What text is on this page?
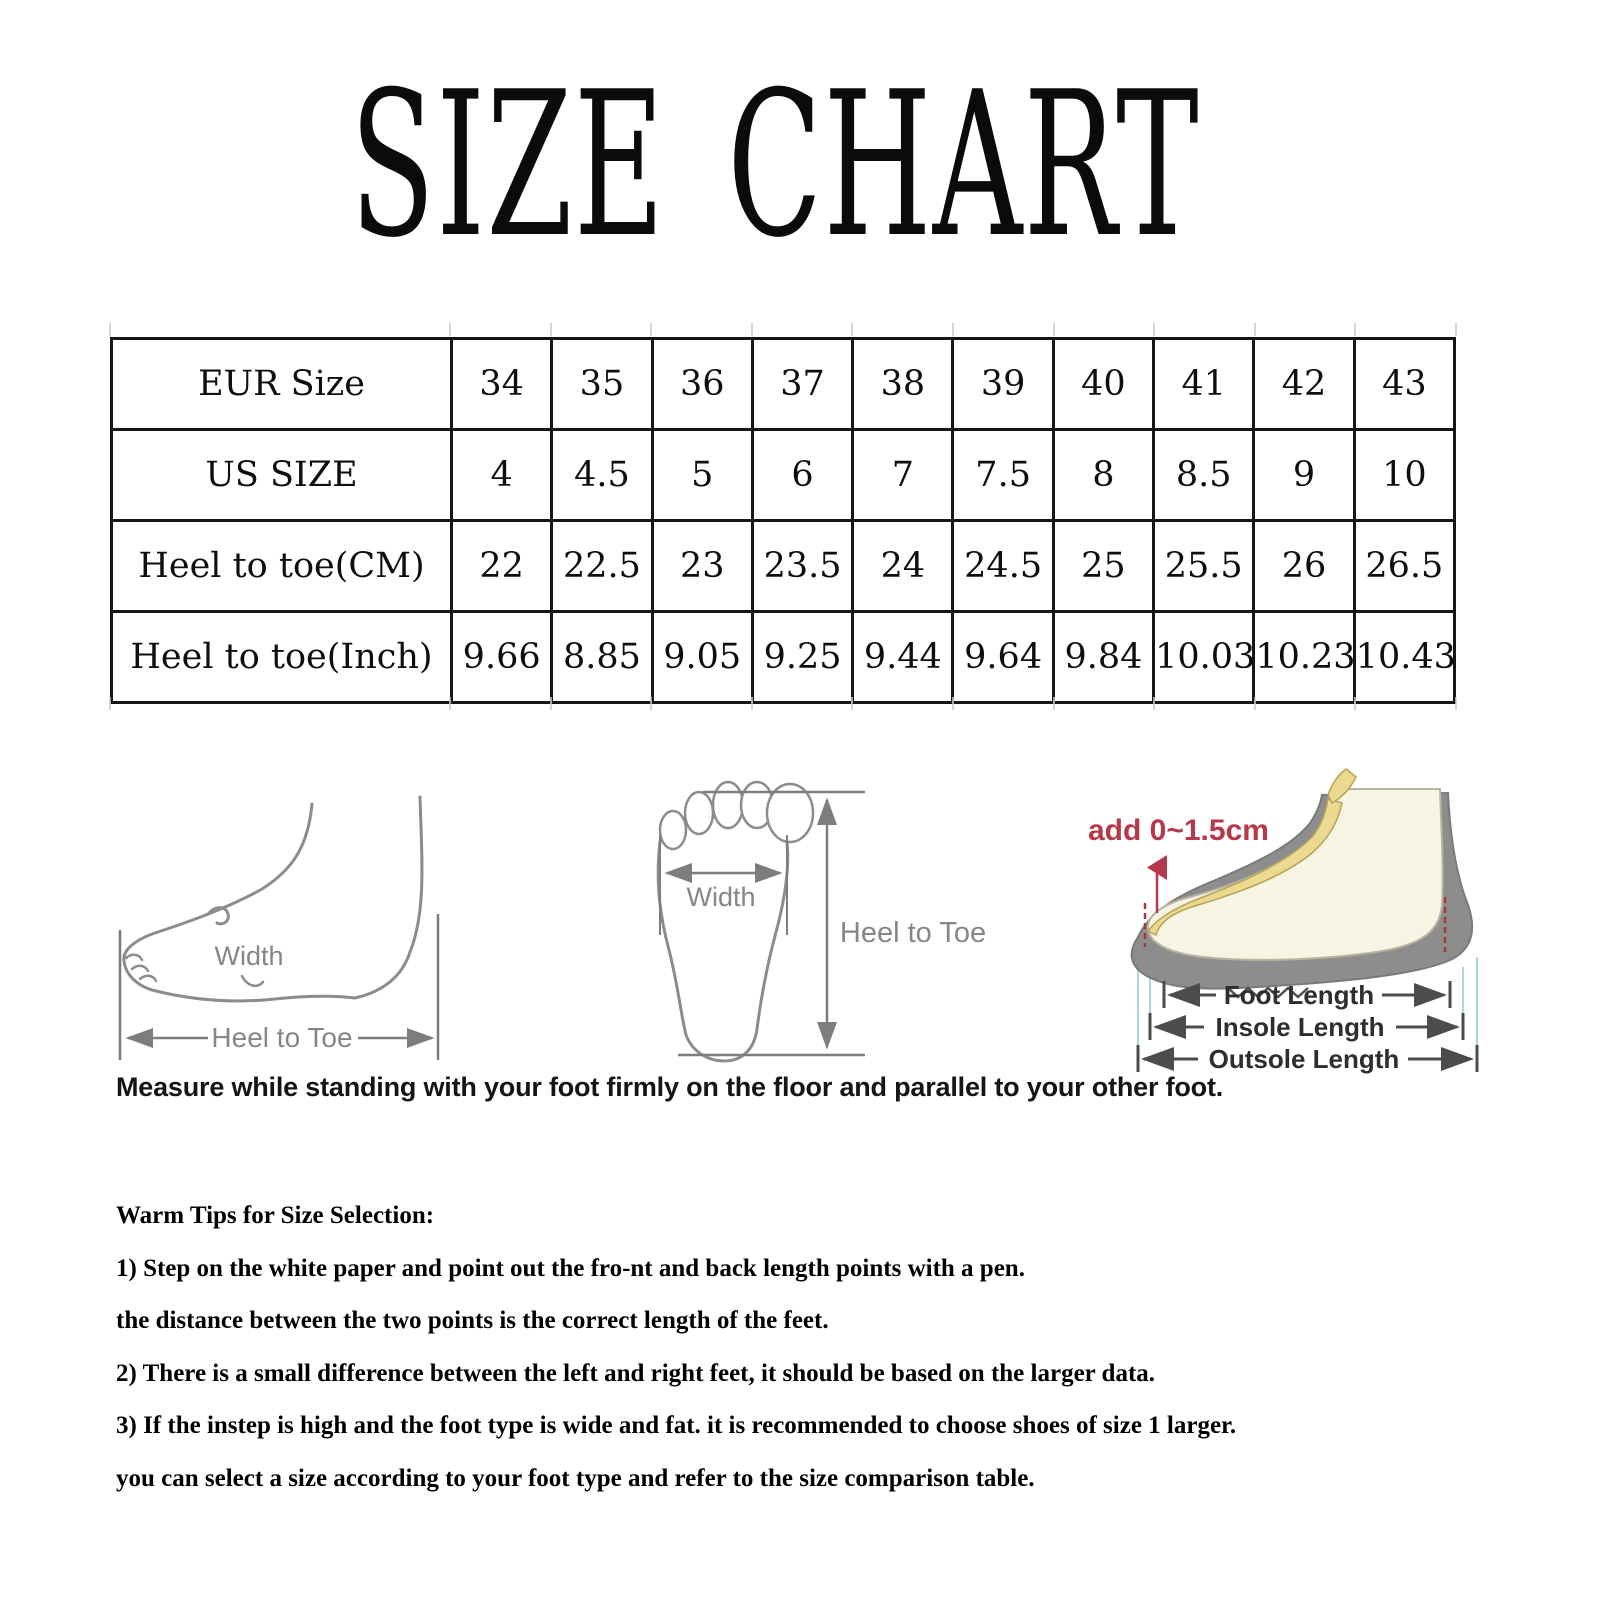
SIZE CHART
EUR Size	34	35	36	37	38	39	40	41	42	43
US SIZE	4	4.5	5	6	7	7.5	8	8.5	9	10
Heel to toe(CM)	22	22.5	23	23.5	24	24.5	25	25.5	26	26.5
Heel to toe(Inch)	9.66	8.85	9.05	9.25	9.44	9.64	9.84	10.03	10.23	10.43
Width
Heel to Toe
Width
Heel to Toe
add 0~1.5cm
Foot Length
Insole Length
Outsole Length
Measure while standing with your foot firmly on the floor and parallel to your other foot.

Warm Tips for Size Selection:

1) Step on the white paper and point out the fro-nt and back length points with a pen.

the distance between the two points is the correct length of the feet.

2) There is a small difference between the left and right feet, it should be based on the larger data.

3) If the instep is high and the foot type is wide and fat. it is recommended to choose shoes of size 1 larger.

you can select a size according to your foot type and refer to the size comparison table.
